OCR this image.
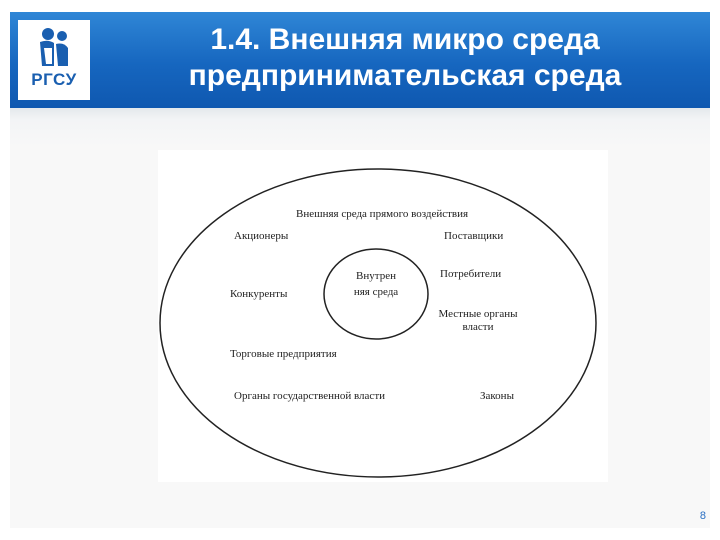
РГСУ
1.4. Внешняя микро среда
предпринимательская среда
Внешняя среда прямого воздействия
Акционеры	Поставщики
Внутрен
няя среда
Конкуренты
Потребители
Местные органы
власти
Торговые предприятия
Органы государственной власти	Законы
8
